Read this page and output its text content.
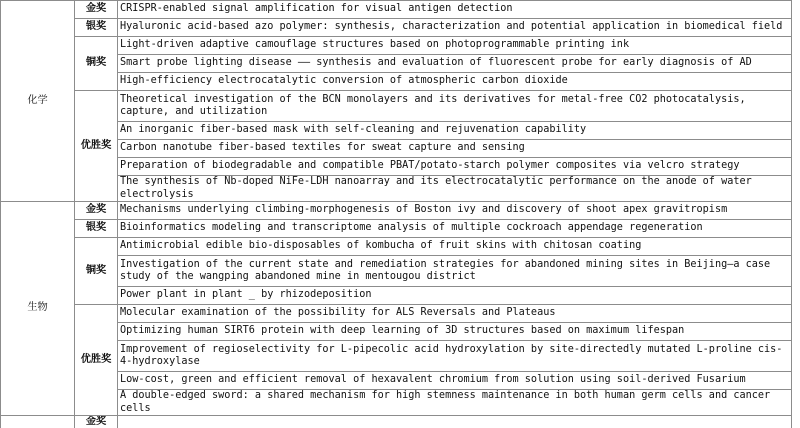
化学	金奖	CRISPR-enabled signal amplification for visual antigen detection
	银奖	Hyaluronic acid-based azo polymer: synthesis, characterization and potential application in biomedical field
	铜奖	Light-driven adaptive camouflage structures based on photoprogrammable printing ink
		Smart probe lighting disease —— synthesis and evaluation of fluorescent probe for early diagnosis of AD
		High-efficiency electrocatalytic conversion of atmospheric carbon dioxide
	优胜奖	Theoretical investigation of the BCN monolayers and its derivatives for metal-free CO2 photocatalysis, capture, and utilization
		An inorganic fiber-based mask with self-cleaning and rejuvenation capability
		Carbon nanotube fiber-based textiles for sweat capture and sensing
		Preparation of biodegradable and compatible PBAT/potato-starch polymer composites via velcro strategy
		The synthesis of Nb-doped NiFe-LDH nanoarray and its electrocatalytic performance on the anode of water electrolysis
生物	金奖	Mechanisms underlying climbing-morphogenesis of Boston ivy and discovery of shoot apex gravitropism
	银奖	Bioinformatics modeling and transcriptome analysis of multiple cockroach appendage regeneration
	铜奖	Antimicrobial edible bio-disposables of kombucha of fruit skins with chitosan coating
		Investigation of the current state and remediation strategies for abandoned mining sites in Beijing—a case study of the wangping abandoned mine in mentougou district
		Power plant in plant _ by rhizodeposition
	优胜奖	Molecular examination of the possibility for ALS Reversals and Plateaus
		Optimizing human SIRT6 protein with deep learning of 3D structures based on maximum lifespan
		Improvement of regioselectivity for L-pipecolic acid hydroxylation by site-directedly mutated L-proline cis-4-hydroxylase
		Low-cost, green and efficient removal of hexavalent chromium from solution using soil-derived Fusarium
		A double-edged sword: a shared mechanism for high stemness maintenance in both human germ cells and cancer cells
	金奖	
